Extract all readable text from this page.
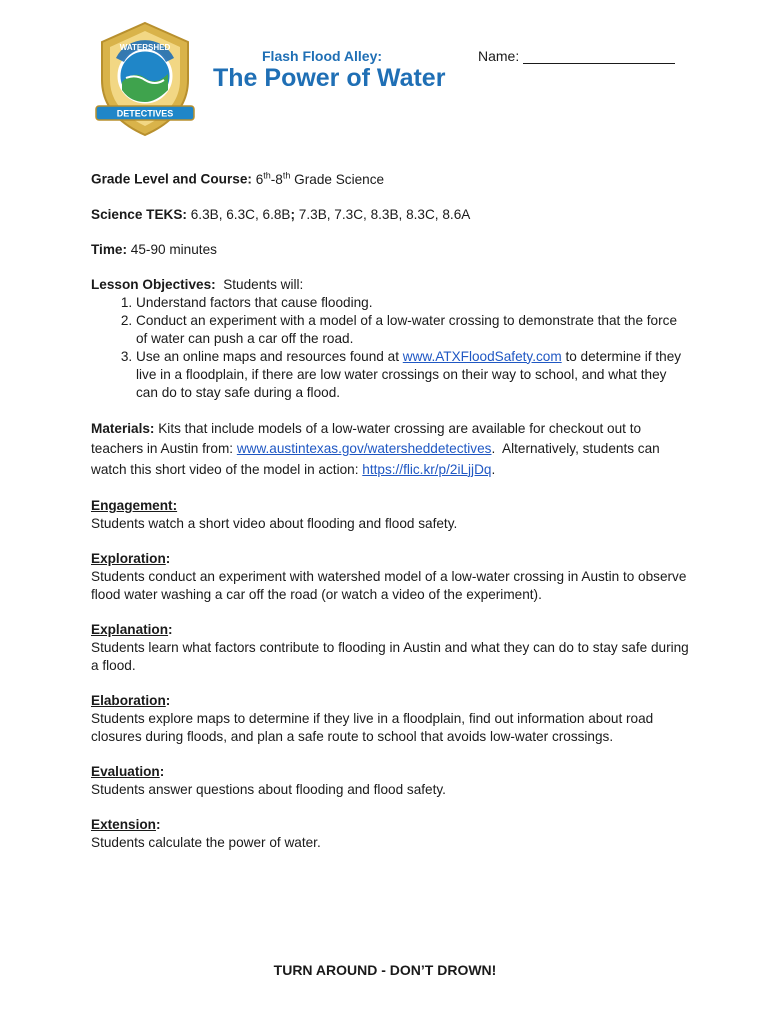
WATERSHED
DETECTIVES
Flash Flood Alley:
The Power of Water
Name:

Grade Level and Course: 6th-8th Grade Science

Science TEKS: 6.3B, 6.3C, 6.8B; 7.3B, 7.3C, 8.3B, 8.3C, 8.6A

Time: 45-90 minutes

Lesson Objectives:  Students will:
1. Understand factors that cause flooding.
2. Conduct an experiment with a model of a low-water crossing to demonstrate that the force of water can push a car off the road.
3. Use an online maps and resources found at www.ATXFloodSafety.com to determine if they live in a floodplain, if there are low water crossings on their way to school, and what they can do to stay safe during a flood.

Materials: Kits that include models of a low-water crossing are available for checkout out to teachers in Austin from: www.austintexas.gov/watersheddetectives.  Alternatively, students can watch this short video of the model in action: https://flic.kr/p/2iLjjDq.

Engagement:
Students watch a short video about flooding and flood safety.
Exploration:
Students conduct an experiment with watershed model of a low-water crossing in Austin to observe flood water washing a car off the road (or watch a video of the experiment).
Explanation:
Students learn what factors contribute to flooding in Austin and what they can do to stay safe during a flood.
Elaboration:
Students explore maps to determine if they live in a floodplain, find out information about road closures during floods, and plan a safe route to school that avoids low-water crossings.
Evaluation:
Students answer questions about flooding and flood safety.
Extension:
Students calculate the power of water.
TURN AROUND - DON’T DROWN!
